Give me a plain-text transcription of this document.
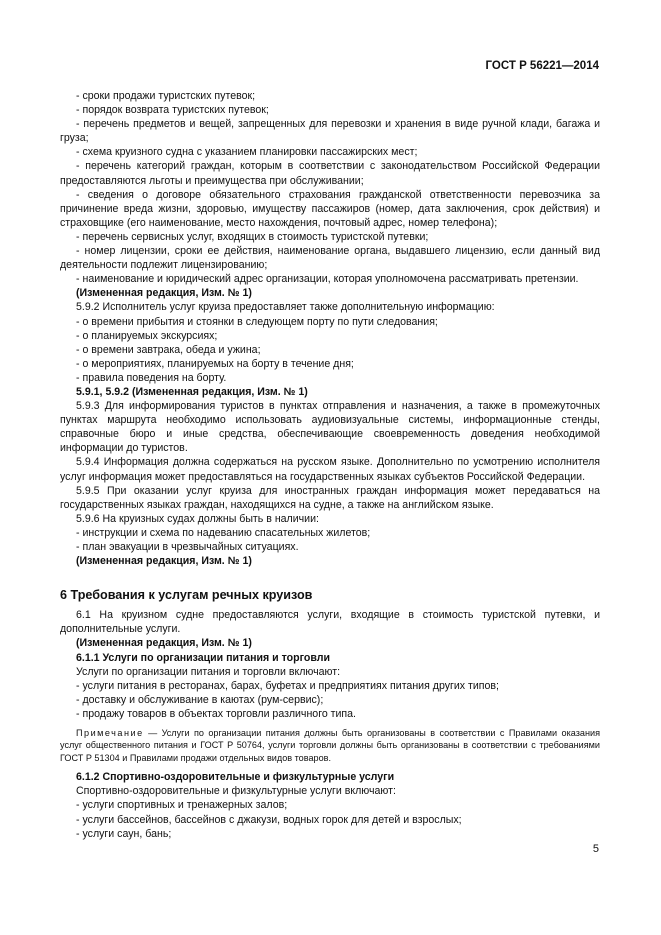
ГОСТ Р 56221—2014

- сроки продажи туристских путевок;

- порядок возврата туристских путевок;

- перечень предметов и вещей, запрещенных для перевозки и хранения в виде ручной клади, багажа и груза;

- схема круизного судна с указанием планировки пассажирских мест;

- перечень категорий граждан, которым в соответствии с законодательством Российской Федерации предоставляются льготы и преимущества при обслуживании;

- сведения о договоре обязательного страхования гражданской ответственности перевозчика за причинение вреда жизни, здоровью, имуществу пассажиров (номер, дата заключения, срок действия) и страховщике (его наименование, место нахождения, почтовый адрес, номер телефона);

- перечень сервисных услуг, входящих в стоимость туристской путевки;

- номер лицензии, сроки ее действия, наименование органа, выдавшего лицензию, если данный вид деятельности подлежит лицензированию;

- наименование и юридический адрес организации, которая уполномочена рассматривать претензии.

(Измененная редакция, Изм. № 1)

5.9.2 Исполнитель услуг круиза предоставляет также дополнительную информацию:

- о времени прибытия и стоянки в следующем порту по пути следования;

- о планируемых экскурсиях;

- о времени завтрака, обеда и ужина;

- о мероприятиях, планируемых на борту в течение дня;

- правила поведения на борту.

5.9.1, 5.9.2 (Измененная редакция, Изм. № 1)

5.9.3 Для информирования туристов в пунктах отправления и назначения, а также в промежуточных пунктах маршрута необходимо использовать аудиовизуальные системы, информационные стенды, справочные бюро и иные средства, обеспечивающие своевременность доведения необходимой информации до туристов.

5.9.4 Информация должна содержаться на русском языке. Дополнительно по усмотрению исполнителя услуг информация может предоставляться на государственных языках субъектов Российской Федерации.

5.9.5 При оказании услуг круиза для иностранных граждан информация может передаваться на государственных языках граждан, находящихся на судне, а также на английском языке.

5.9.6 На круизных судах должны быть в наличии:

- инструкции и схема по надеванию спасательных жилетов;

- план эвакуации в чрезвычайных ситуациях.

(Измененная редакция, Изм. № 1)

6 Требования к услугам речных круизов

6.1 На круизном судне предоставляются услуги, входящие в стоимость туристской путевки, и дополнительные услуги.

(Измененная редакция, Изм. № 1)

6.1.1 Услуги по организации питания и торговли

Услуги по организации питания и торговли включают:

- услуги питания в ресторанах, барах, буфетах и предприятиях питания других типов;

- доставку и обслуживание в каютах (рум-сервис);

- продажу товаров в объектах торговли различного типа.

Примечание — Услуги по организации питания должны быть организованы в соответствии с Правилами оказания услуг общественного питания и ГОСТ Р 50764, услуги торговли должны быть организованы в соответствии с требованиями ГОСТ Р 51304 и Правилами продажи отдельных видов товаров.

6.1.2 Спортивно-оздоровительные и физкультурные услуги

Спортивно-оздоровительные и физкультурные услуги включают:

- услуги спортивных и тренажерных залов;

- услуги бассейнов, бассейнов с джакузи, водных горок для детей и взрослых;

- услуги саун, бань;

5
